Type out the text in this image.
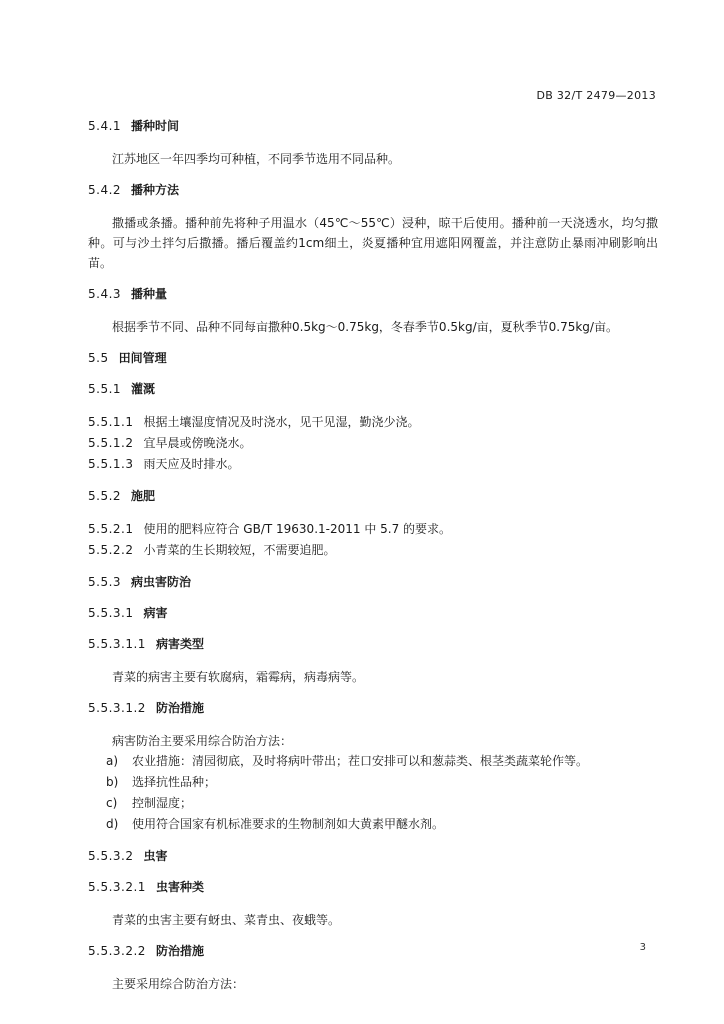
DB 32/T 2479—2013
5.4.1 播种时间
江苏地区一年四季均可种植，不同季节选用不同品种。
5.4.2 播种方法
撒播或条播。播种前先将种子用温水（45℃～55℃）浸种，晾干后使用。播种前一天浇透水，均匀撒种。可与沙土拌匀后撒播。播后覆盖约1cm细土，炎夏播种宜用遮阳网覆盖，并注意防止暴雨冲刷影响出苗。
5.4.3 播种量
根据季节不同、品种不同每亩撒种0.5kg～0.75kg，冬春季节0.5kg/亩，夏秋季节0.75kg/亩。
5.5 田间管理
5.5.1 灌溉
5.5.1.1 根据土壤湿度情况及时浇水，见干见湿，勤浇少浇。
5.5.1.2 宜早晨或傍晚浇水。
5.5.1.3 雨天应及时排水。
5.5.2 施肥
5.5.2.1 使用的肥料应符合 GB/T 19630.1-2011 中 5.7 的要求。
5.5.2.2 小青菜的生长期较短，不需要追肥。
5.5.3 病虫害防治
5.5.3.1 病害
5.5.3.1.1 病害类型
青菜的病害主要有软腐病，霜霉病，病毒病等。
5.5.3.1.2 防治措施
病害防治主要采用综合防治方法：
a) 农业措施：清园彻底，及时将病叶带出；茬口安排可以和葱蒜类、根茎类蔬菜轮作等。
b) 选择抗性品种；
c) 控制湿度；
d) 使用符合国家有机标准要求的生物制剂如大黄素甲醚水剂。
5.5.3.2 虫害
5.5.3.2.1 虫害种类
青菜的虫害主要有蚜虫、菜青虫、夜蛾等。
5.5.3.2.2 防治措施
主要采用综合防治方法：
3
